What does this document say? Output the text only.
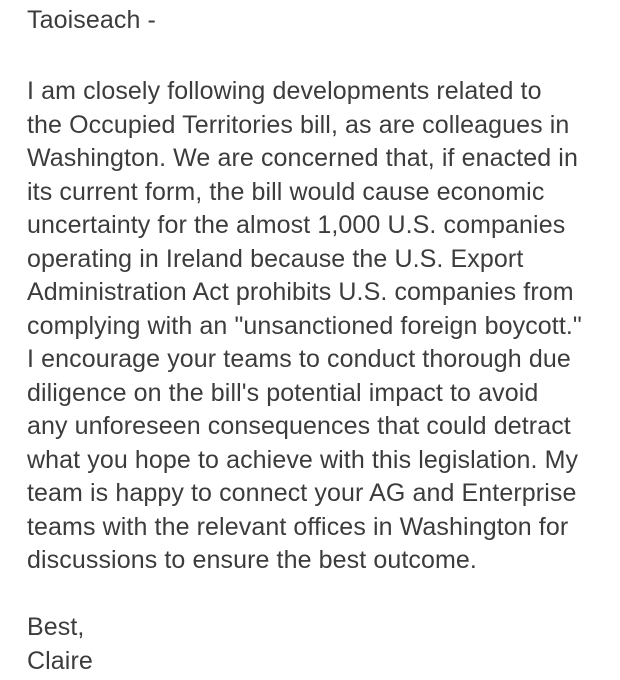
Taoiseach -
I am closely following developments related to
the Occupied Territories bill, as are colleagues in
Washington. We are concerned that, if enacted in
its current form, the bill would cause economic
uncertainty for the almost 1,000 U.S. companies
operating in Ireland because the U.S. Export
Administration Act prohibits U.S. companies from
complying with an "unsanctioned foreign boycott."
I encourage your teams to conduct thorough due
diligence on the bill's potential impact to avoid
any unforeseen consequences that could detract
what you hope to achieve with this legislation. My
team is happy to connect your AG and Enterprise
teams with the relevant offices in Washington for
discussions to ensure the best outcome.
Best,
Claire
